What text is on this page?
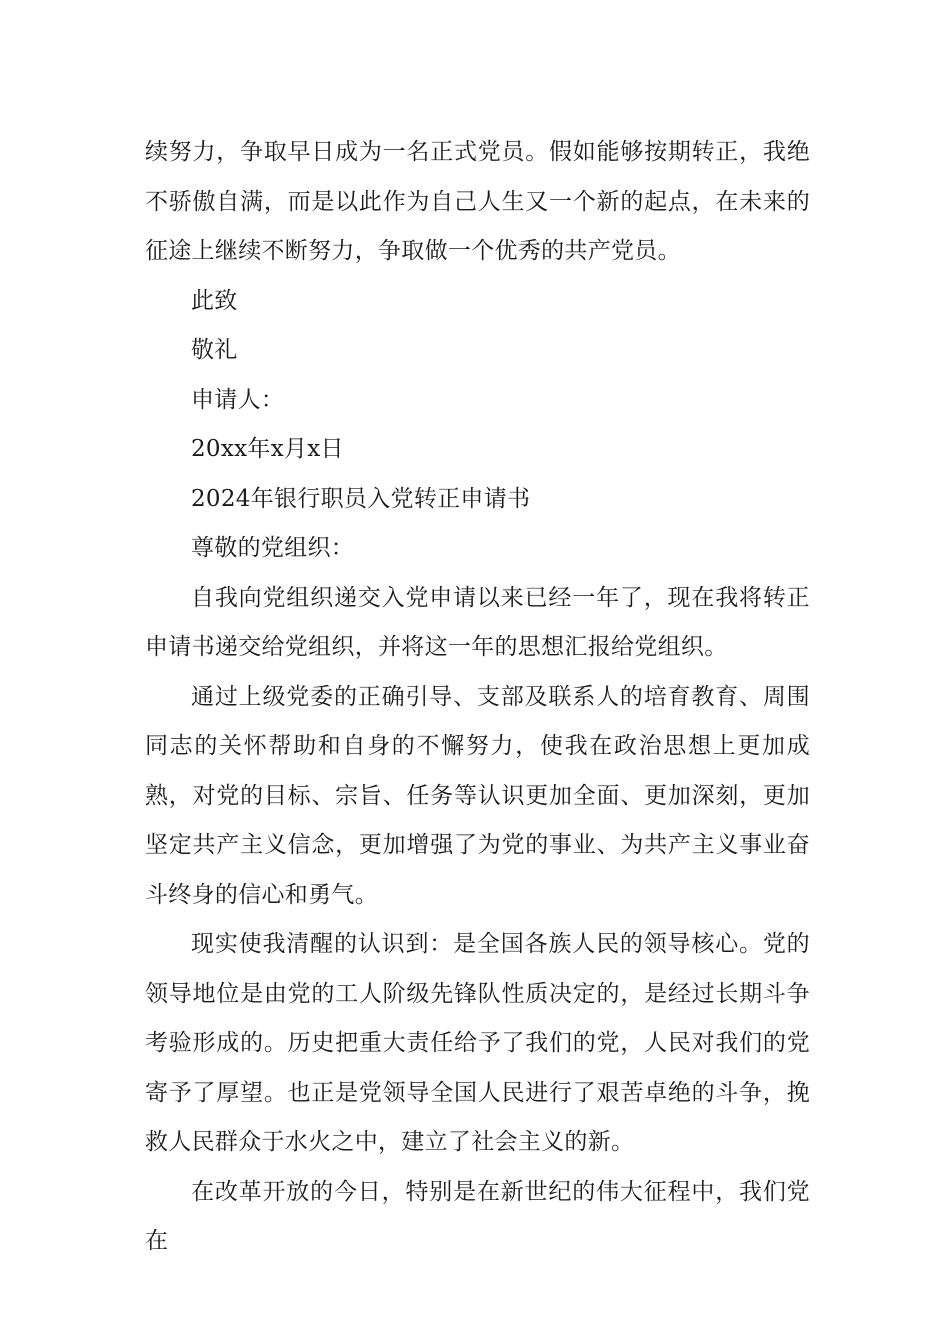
续努力，争取早日成为一名正式党员。假如能够按期转正，我绝不骄傲自满，而是以此作为自己人生又一个新的起点，在未来的征途上继续不断努力，争取做一个优秀的共产党员。

此致

敬礼

申请人：

20xx年x月x日

2024年银行职员入党转正申请书

尊敬的党组织：

自我向党组织递交入党申请以来已经一年了，现在我将转正申请书递交给党组织，并将这一年的思想汇报给党组织。

通过上级党委的正确引导、支部及联系人的培育教育、周围同志的关怀帮助和自身的不懈努力，使我在政治思想上更加成熟，对党的目标、宗旨、任务等认识更加全面、更加深刻，更加坚定共产主义信念，更加增强了为党的事业、为共产主义事业奋斗终身的信心和勇气。

现实使我清醒的认识到：是全国各族人民的领导核心。党的领导地位是由党的工人阶级先锋队性质决定的，是经过长期斗争考验形成的。历史把重大责任给予了我们的党，人民对我们的党寄予了厚望。也正是党领导全国人民进行了艰苦卓绝的斗争，挽救人民群众于水火之中，建立了社会主义的新。

在改革开放的今日，特别是在新世纪的伟大征程中，我们党在
